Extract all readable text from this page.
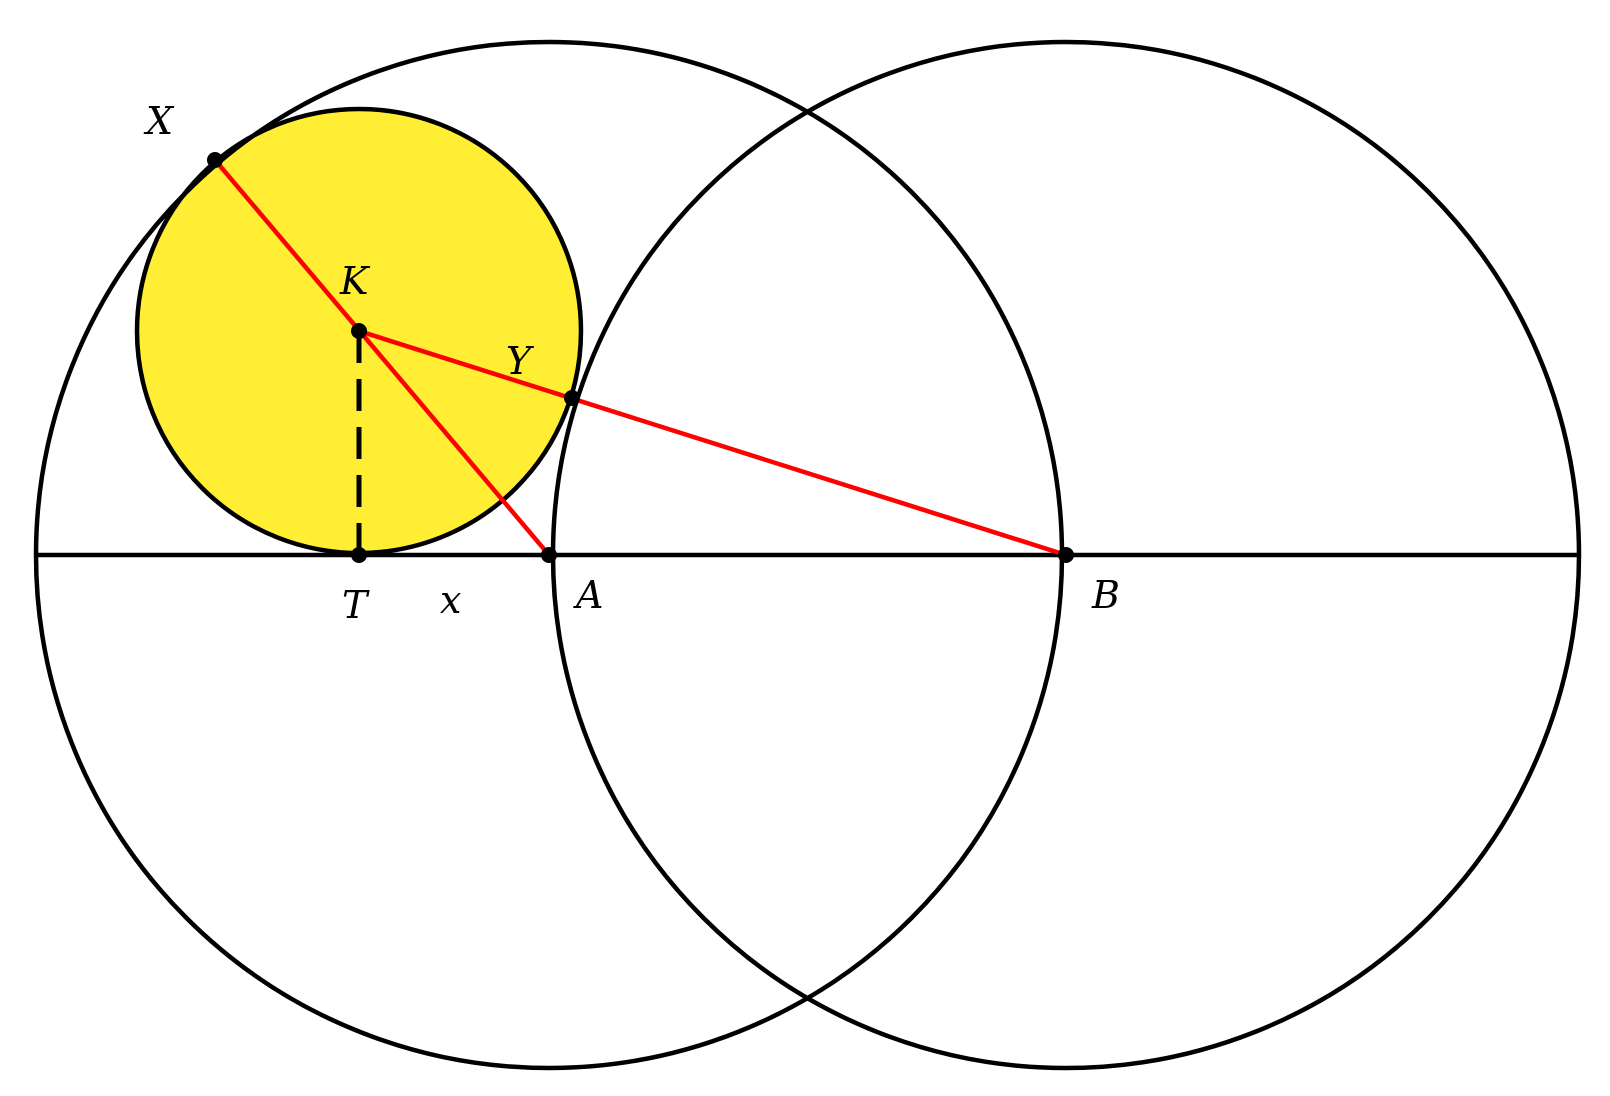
X
K
Y
T x	A	B
